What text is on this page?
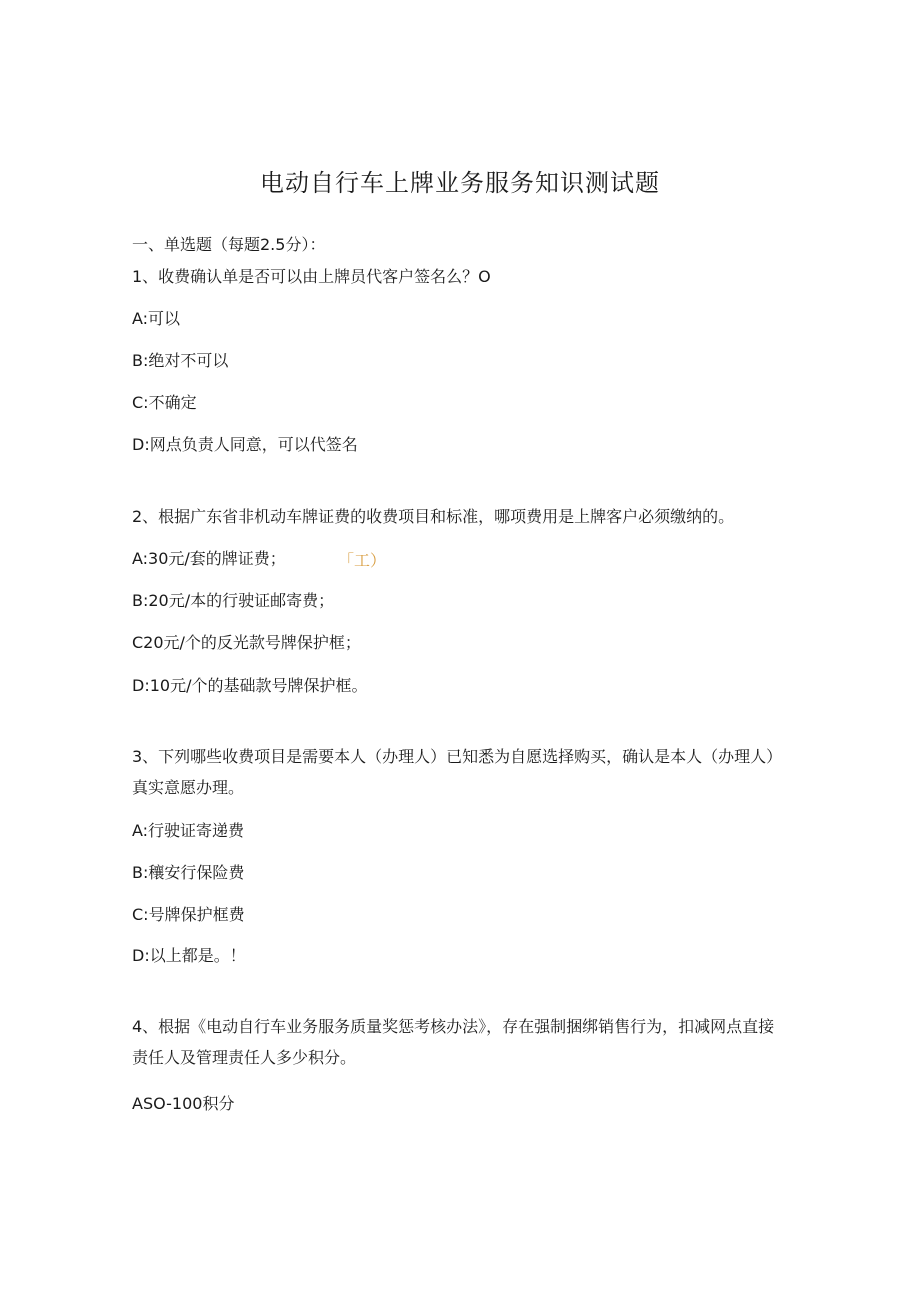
电动自行车上牌业务服务知识测试题
一、单选题（每题2.5分）：
1、收费确认单是否可以由上牌员代客户签名么？O
A:可以
B:绝对不可以
C:不确定
D:网点负责人同意，可以代签名
2、根据广东省非机动车牌证费的收费项目和标准，哪项费用是上牌客户必须缴纳的。
A:30元/套的牌证费；	「工）
B:20元/本的行驶证邮寄费；
C20元/个的反光款号牌保护框；
D:10元/个的基础款号牌保护框。
3、下列哪些收费项目是需要本人（办理人）已知悉为自愿选择购买，确认是本人（办理人）真实意愿办理。
A:行驶证寄递费
B:穰安行保险费
C:号牌保护框费
D:以上都是。！
4、根据《电动自行车业务服务质量奖惩考核办法》，存在强制捆绑销售行为，扣减网点直接责任人及管理责任人多少积分。
ASO-100积分
